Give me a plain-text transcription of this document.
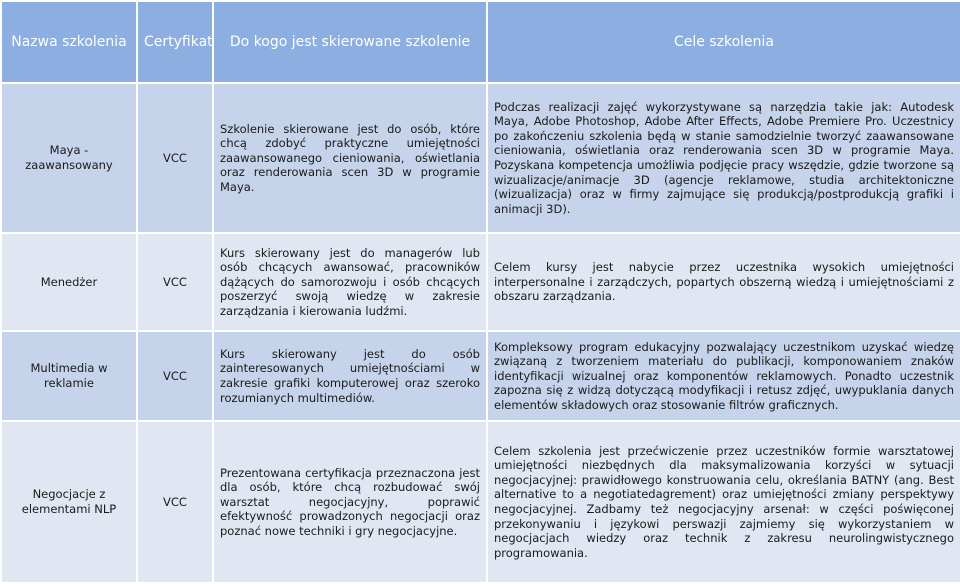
Nazwa szkolenia	Certyfikat	Do kogo jest skierowane szkolenie	Cele szkolenia
Maya - zaawansowany	VCC	Szkolenie skierowane jest do osób, które chcą zdobyć praktyczne umiejętności zaawansowanego cieniowania, oświetlania oraz renderowania scen 3D w programie Maya.	Podczas realizacji zajęć wykorzystywane są narzędzia takie jak: Autodesk Maya, Adobe Photoshop, Adobe After Effects, Adobe Premiere Pro. Uczestnicy po zakończeniu szkolenia będą w stanie samodzielnie tworzyć zaawansowane cieniowania, oświetlania oraz renderowania scen 3D w programie Maya. Pozyskana kompetencja umożliwia podjęcie pracy wszędzie, gdzie tworzone są wizualizacje/animacje 3D (agencje reklamowe, studia architektoniczne (wizualizacja) oraz w firmy zajmujące się produkcją/postprodukcją grafiki i animacji 3D).
Menedżer	VCC	Kurs skierowany jest do managerów lub osób chcących awansować, pracowników dążących do samorozwoju i osób chcących poszerzyć swoją wiedzę w zakresie zarządzania i kierowania ludźmi.	Celem kursy jest nabycie przez uczestnika wysokich umiejętności interpersonalne i zarządczych, popartych obszerną wiedzą i umiejętnościami z obszaru zarządzania.
Multimedia w reklamie	VCC	Kurs skierowany jest do osób zainteresowanych umiejętnościami w zakresie grafiki komputerowej oraz szeroko rozumianych multimediów.	Kompleksowy program edukacyjny pozwalający uczestnikom uzyskać wiedzę związaną z tworzeniem materiału do publikacji, komponowaniem znaków identyfikacji wizualnej oraz komponentów reklamowych. Ponadto uczestnik zapozna się z widzą dotyczącą modyfikacji i retusz zdjęć, uwypuklania danych elementów składowych oraz stosowanie filtrów graficznych.
Negocjacje z elementami NLP	VCC	Prezentowana certyfikacja przeznaczona jest dla osób, które chcą rozbudować swój warsztat negocjacyjny, poprawić efektywność prowadzonych negocjacji oraz poznać nowe techniki i gry negocjacyjne.	Celem szkolenia jest przećwiczenie przez uczestników formie warsztatowej umiejętności niezbędnych dla maksymalizowania korzyści w sytuacji negocjacyjnej: prawidłowego konstruowania celu, określania BATNY (ang. Best alternative to a negotiatedagrement) oraz umiejętności zmiany perspektywy negocjacyjnej. Zadbamy też negocjacyjny arsenał: w części poświęconej przekonywaniu i językowi perswazji zajmiemy się wykorzystaniem w negocjacjach wiedzy oraz technik z zakresu neurolingwistycznego programowania.
